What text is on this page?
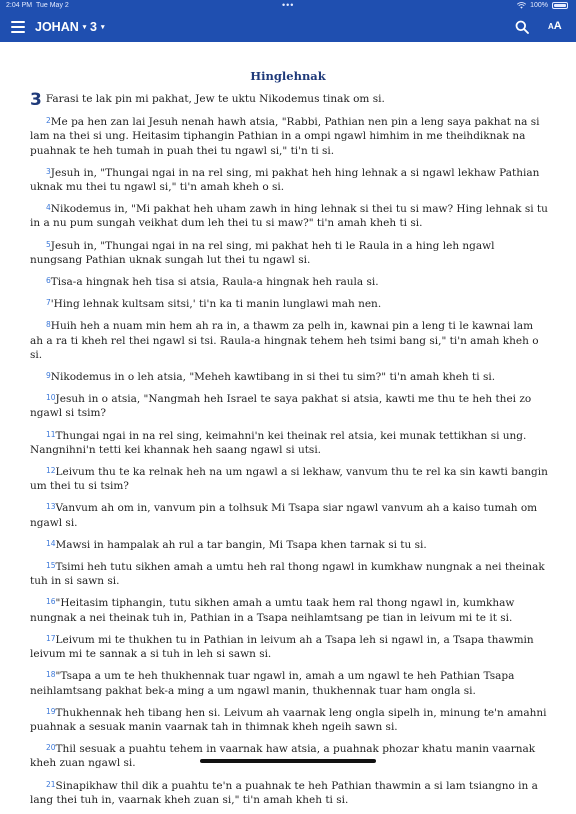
2:04 PM Tue May 2	•••	100%
JOHAN ▾ 3 ▾	AA
Hinglehnak

3 Farasi te lak pin mi pakhat, Jew te uktu Nikodemus tinak om si.

2Me pa hen zan lai Jesuh nenah hawh atsia, "Rabbi, Pathian nen pin a leng saya pakhat na si lam na thei si ung. Heitasim tiphangin Pathian in a ompi ngawl himhim in me theihdiknak na puahnak te heh tumah in puah thei tu ngawl si," ti'n ti si.

3Jesuh in, "Thungai ngai in na rel sing, mi pakhat heh hing lehnak a si ngawl lekhaw Pathian uknak mu thei tu ngawl si," ti'n amah kheh o si.

4Nikodemus in, "Mi pakhat heh uham zawh in hing lehnak si thei tu si maw? Hing lehnak si tu in a nu pum sungah veikhat dum leh thei tu si maw?" ti'n amah kheh ti si.

5Jesuh in, "Thungai ngai in na rel sing, mi pakhat heh ti le Raula in a hing leh ngawl nungsang Pathian uknak sungah lut thei tu ngawl si.

6Tisa-a hingnak heh tisa si atsia, Raula-a hingnak heh raula si.

7'Hing lehnak kultsam sitsi,' ti'n ka ti manin lunglawi mah nen.

8Huih heh a nuam min hem ah ra in, a thawm za pelh in, kawnai pin a leng ti le kawnai lam ah a ra ti kheh rel thei ngawl si tsi. Raula-a hingnak tehem heh tsimi bang si," ti'n amah kheh o si.

9Nikodemus in o leh atsia, "Meheh kawtibang in si thei tu sim?" ti'n amah kheh ti si.

10Jesuh in o atsia, "Nangmah heh Israel te saya pakhat si atsia, kawti me thu te heh thei zo ngawl si tsim?

11Thungai ngai in na rel sing, keimahni'n kei theinak rel atsia, kei munak tettikhan si ung. Nangnihni'n tetti kei khannak heh saang ngawl si utsi.

12Leivum thu te ka relnak heh na um ngawl a si lekhaw, vanvum thu te rel ka sin kawti bangin um thei tu si tsim?

13Vanvum ah om in, vanvum pin a tolhsuk Mi Tsapa siar ngawl vanvum ah a kaiso tumah om ngawl si.

14Mawsi in hampalak ah rul a tar bangin, Mi Tsapa khen tarnak si tu si.

15Tsimi heh tutu sikhen amah a umtu heh ral thong ngawl in kumkhaw nungnak a nei theinak tuh in si sawn si.

16"Heitasim tiphangin, tutu sikhen amah a umtu taak hem ral thong ngawl in, kumkhaw nungnak a nei theinak tuh in, Pathian in a Tsapa neihlamtsang pe tian in leivum mi te it si.

17Leivum mi te thukhen tu in Pathian in leivum ah a Tsapa leh si ngawl in, a Tsapa thawmin leivum mi te sannak a si tuh in leh si sawn si.

18"Tsapa a um te heh thukhennak tuar ngawl in, amah a um ngawl te heh Pathian Tsapa neihlamtsang pakhat bek-a ming a um ngawl manin, thukhennak tuar ham ongla si.

19Thukhennak heh tibang hen si. Leivum ah vaarnak leng ongla sipelh in, minung te'n amahni puahnak a sesuak manin vaarnak tah in thimnak kheh ngeih sawn si.

20Thil sesuak a puahtu tehem in vaarnak haw atsia, a puahnak phozar khatu manin vaarnak kheh zuan ngawl si.

21Sinapikhaw thil dik a puahtu te'n a puahnak te heh Pathian thawmin a si lam tsiangno in a lang thei tuh in, vaarnak kheh zuan si," ti'n amah kheh ti si.
